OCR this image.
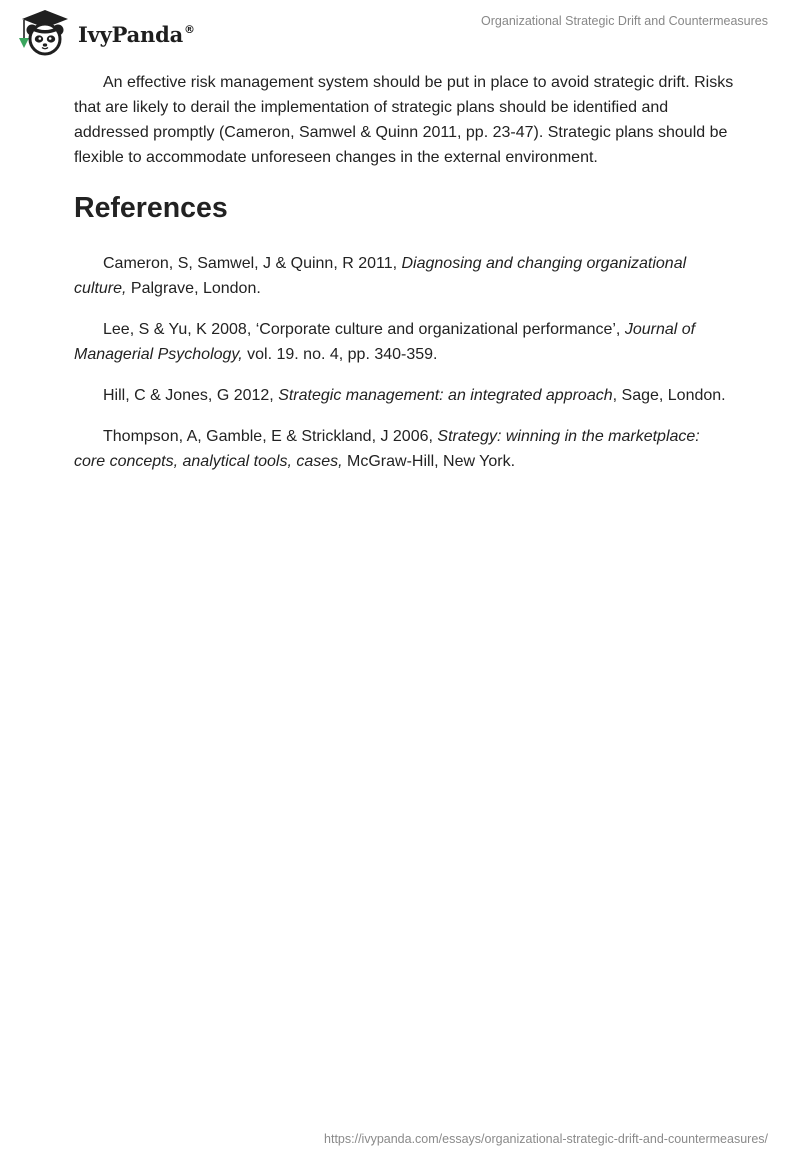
IvyPanda®
Organizational Strategic Drift and Countermeasures

An effective risk management system should be put in place to avoid strategic drift. Risks that are likely to derail the implementation of strategic plans should be identified and addressed promptly (Cameron, Samwel & Quinn 2011, pp. 23-47). Strategic plans should be flexible to accommodate unforeseen changes in the external environment.

References

Cameron, S, Samwel, J & Quinn, R 2011, Diagnosing and changing organizational culture, Palgrave, London.

Lee, S & Yu, K 2008, ‘Corporate culture and organizational performance’, Journal of Managerial Psychology, vol. 19. no. 4, pp. 340-359.

Hill, C & Jones, G 2012, Strategic management: an integrated approach, Sage, London.

Thompson, A, Gamble, E & Strickland, J 2006, Strategy: winning in the marketplace: core concepts, analytical tools, cases, McGraw-Hill, New York.

https://ivypanda.com/essays/organizational-strategic-drift-and-countermeasures/
